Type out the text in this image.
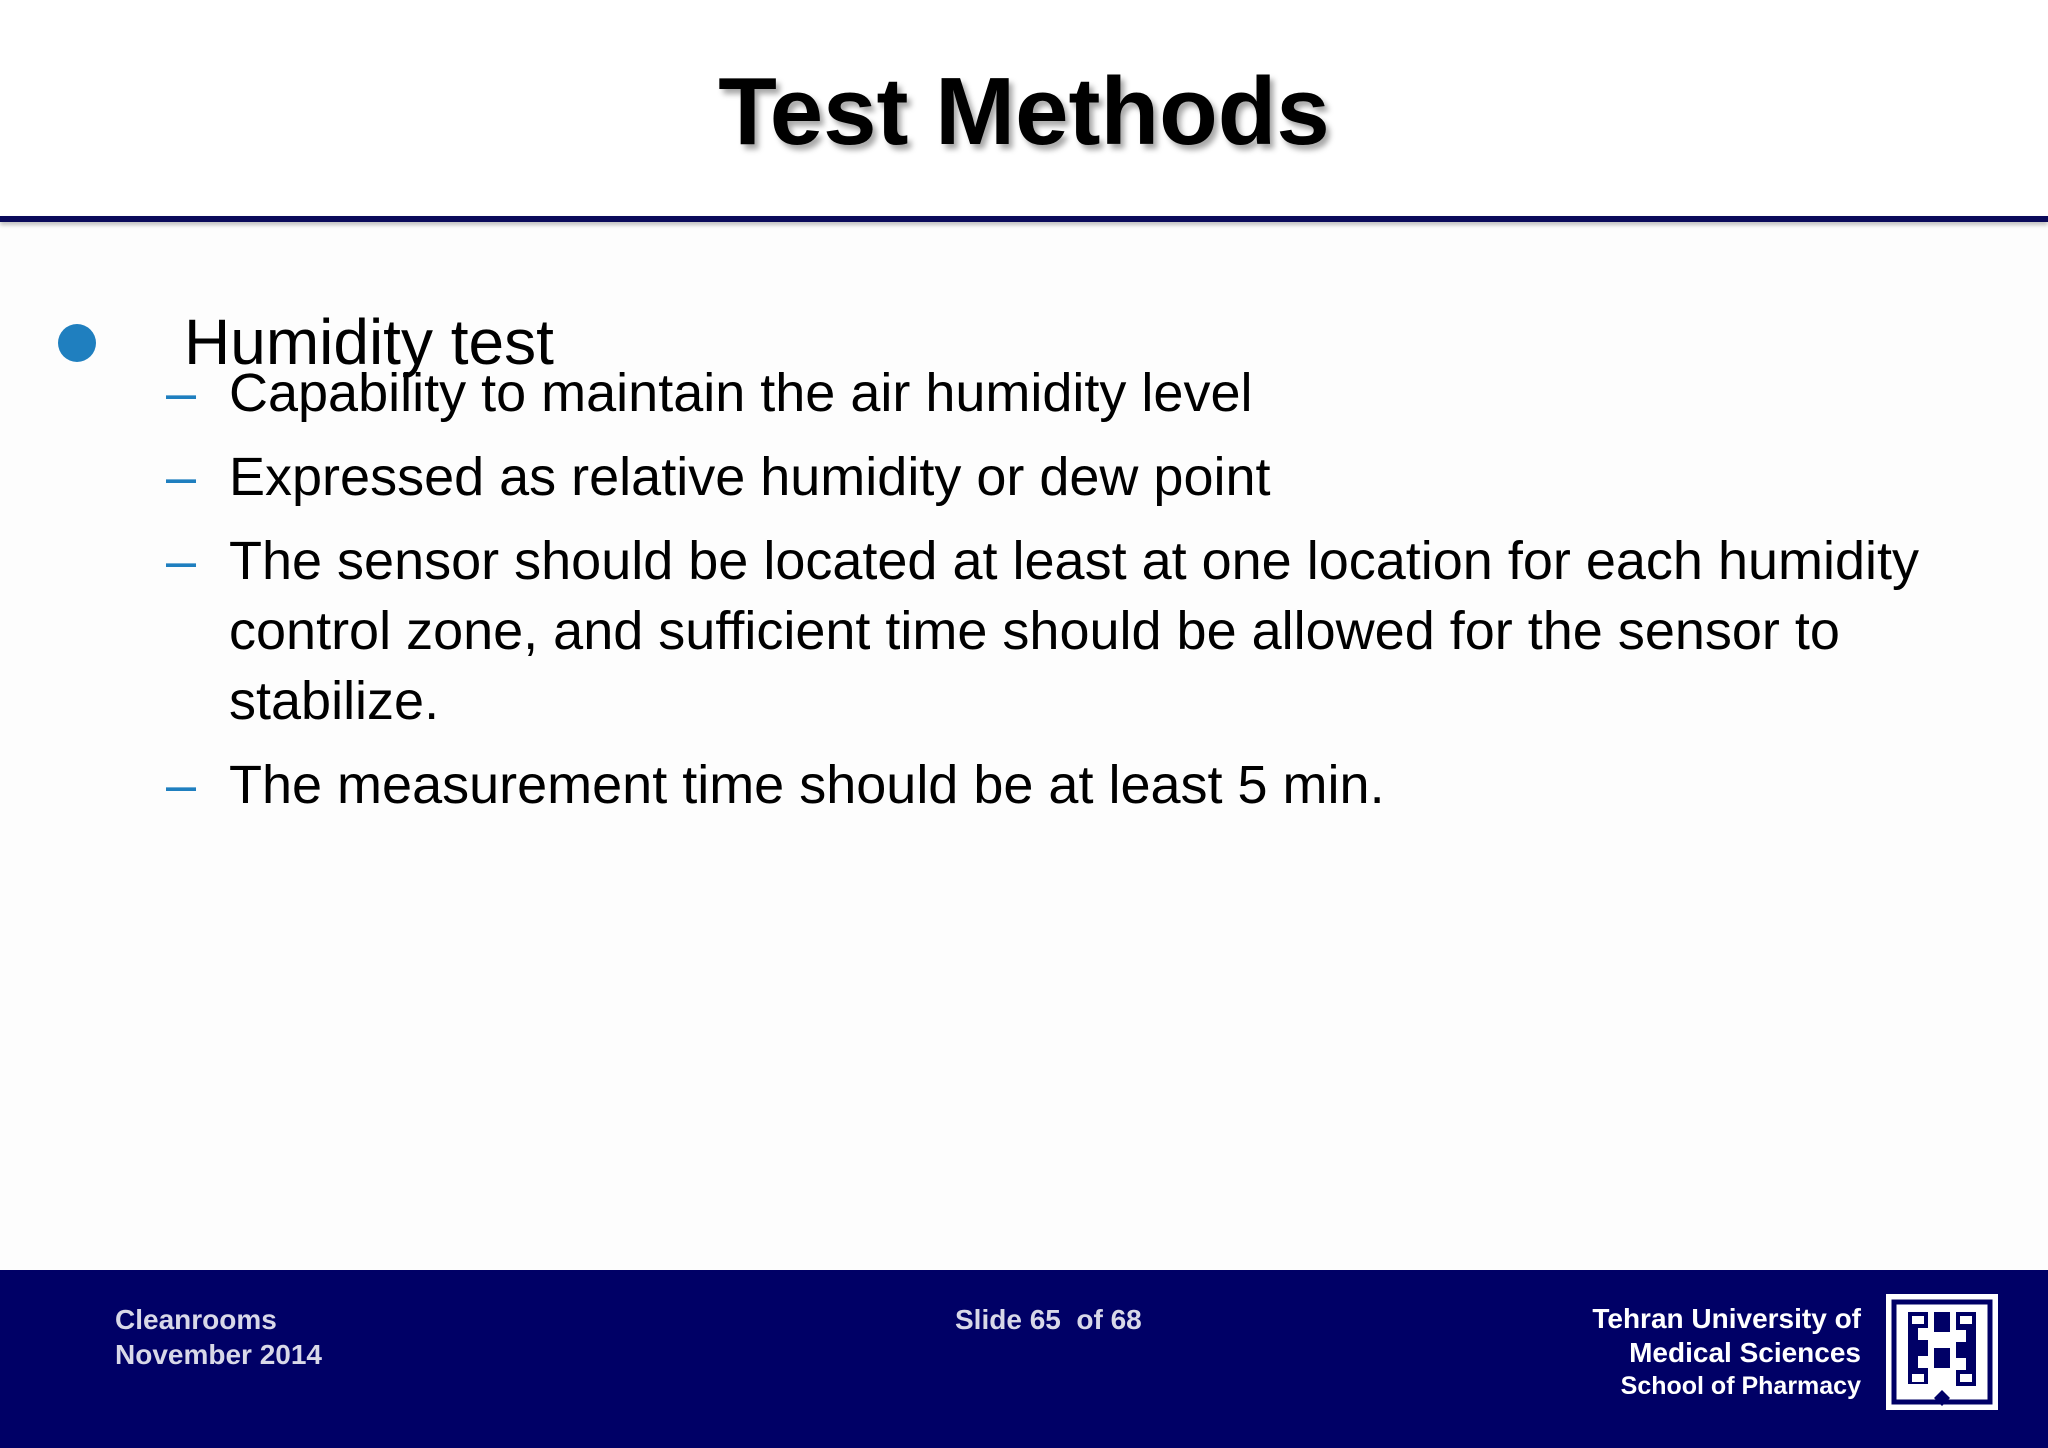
Test Methods
Humidity test
– Capability to maintain the air humidity level
– Expressed as relative humidity or dew point
– The sensor should be located at least at one location for each humidity control zone, and sufficient time should be allowed for the sensor to stabilize.
– The measurement time should be at least 5 min.
Cleanrooms
November 2014
Slide 65  of 68	Tehran University of
Medical Sciences
School of Pharmacy
